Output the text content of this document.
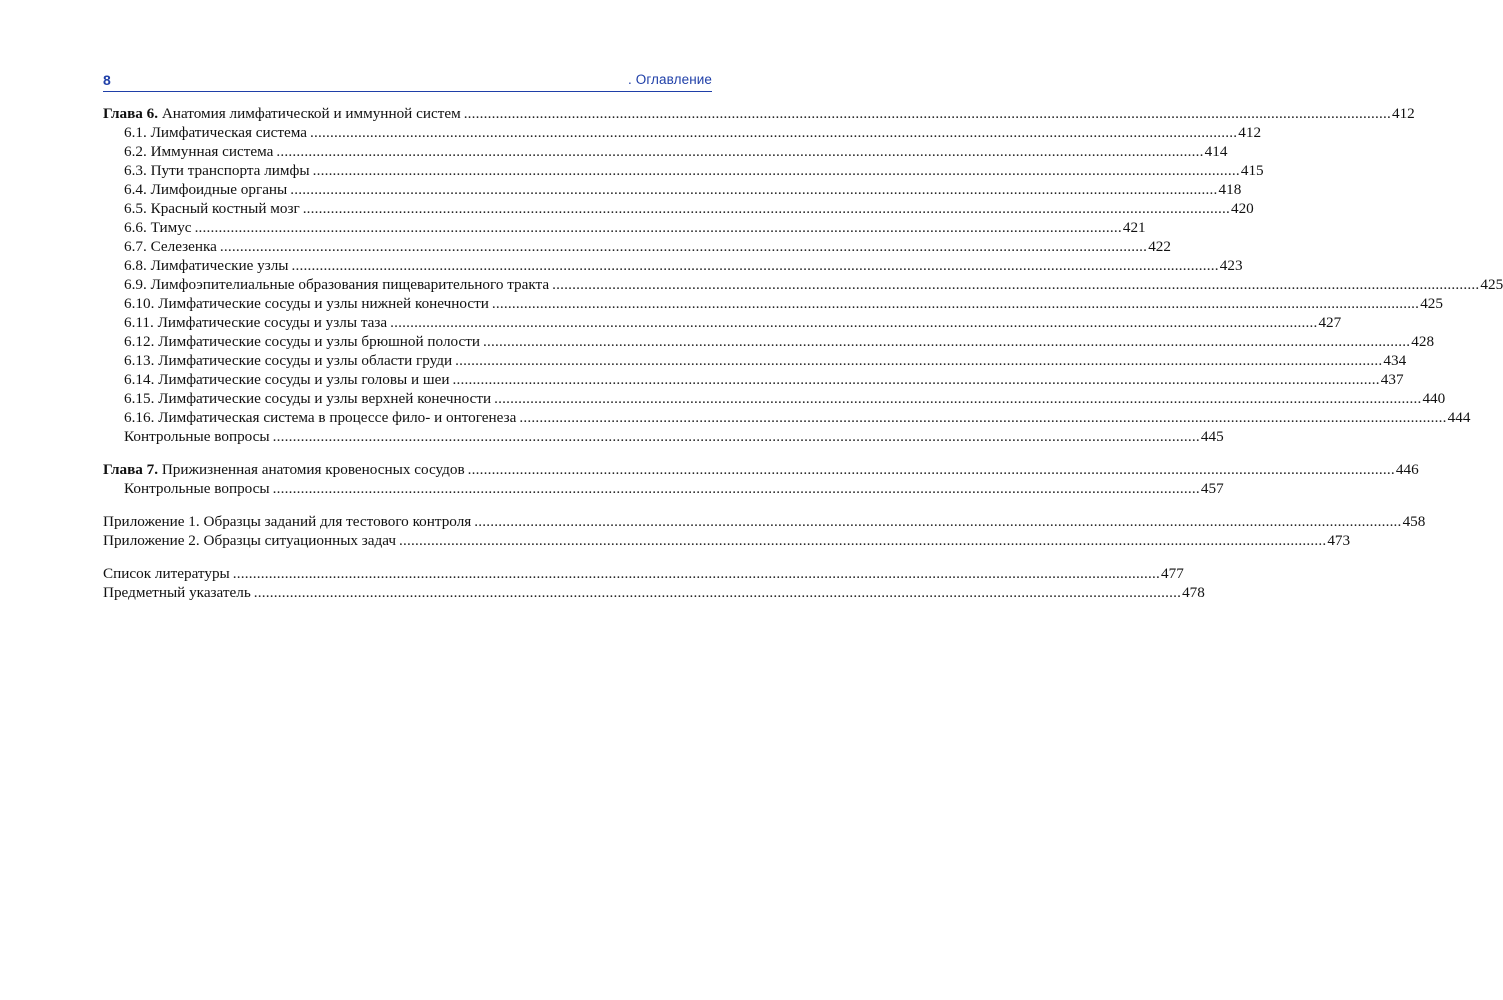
8	. Оглавление
Глава 6. Анатомия лимфатической и иммунной систем .....	412
6.1. Лимфатическая система .....	412
6.2. Иммунная система .....	414
6.3. Пути транспорта лимфы .....	415
6.4. Лимфоидные органы .....	418
6.5. Красный костный мозг .....	420
6.6. Тимус .....	421
6.7. Селезенка .....	422
6.8. Лимфатические узлы .....	423
6.9. Лимфоэпителиальные образования пищеварительного тракта .....	425
6.10. Лимфатические сосуды и узлы нижней конечности .....	425
6.11. Лимфатические сосуды и узлы таза .....	427
6.12. Лимфатические сосуды и узлы брюшной полости .....	428
6.13. Лимфатические сосуды и узлы области груди .....	434
6.14. Лимфатические сосуды и узлы головы и шеи .....	437
6.15. Лимфатические сосуды и узлы верхней конечности .....	440
6.16. Лимфатическая система в процессе фило- и онтогенеза .....	444
Контрольные вопросы .....	445
Глава 7. Прижизненная анатомия кровеносных сосудов .....	446
Контрольные вопросы .....	457
Приложение 1. Образцы заданий для тестового контроля .....	458
Приложение 2. Образцы ситуационных задач .....	473
Список литературы .....	477
Предметный указатель .....	478
